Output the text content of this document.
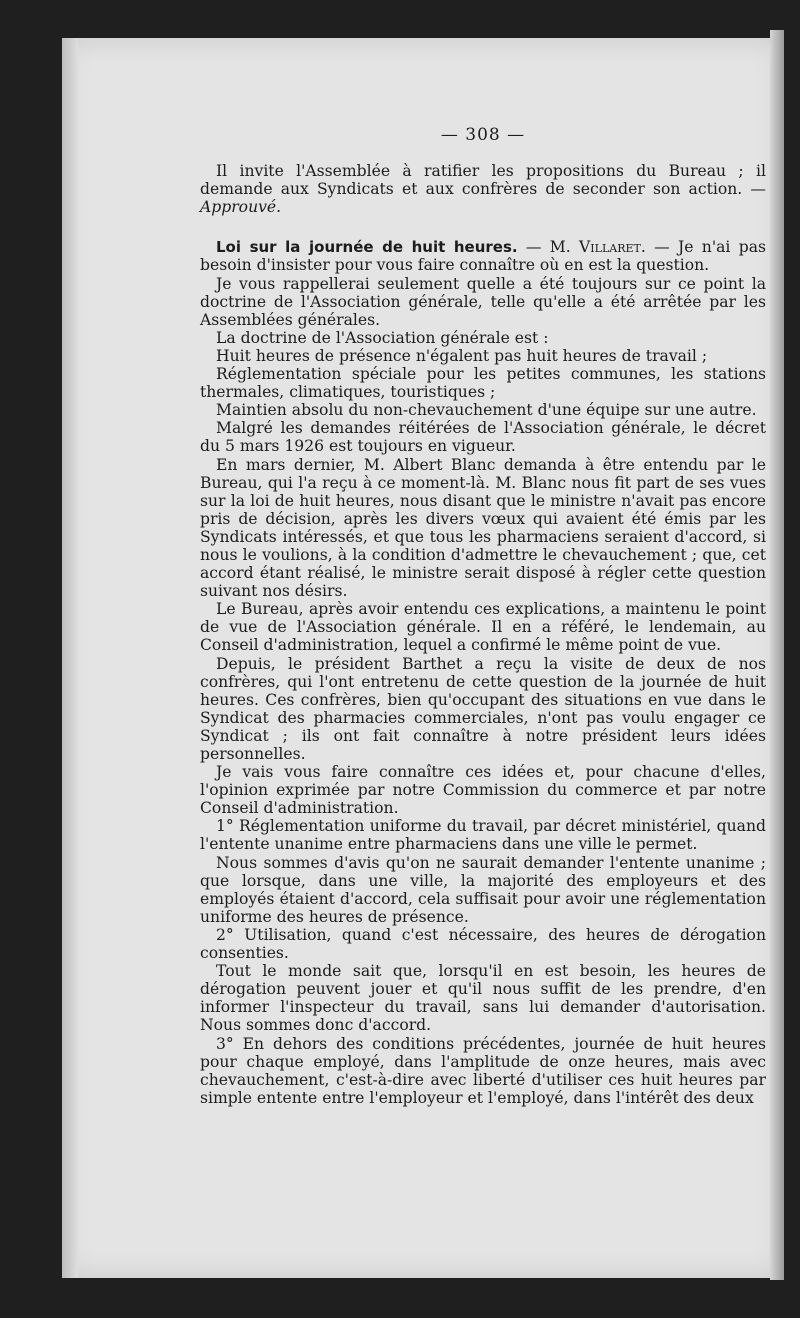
— 308 —

Il invite l'Assemblée à ratifier les propositions du Bureau ; il demande aux Syndicats et aux confrères de seconder son action. — Approuvé.

Loi sur la journée de huit heures. — M. Villaret. — Je n'ai pas besoin d'insister pour vous faire connaître où en est la question.

Je vous rappellerai seulement quelle a été toujours sur ce point la doctrine de l'Association générale, telle qu'elle a été arrêtée par les Assemblées générales.

La doctrine de l'Association générale est :

Huit heures de présence n'égalent pas huit heures de travail ;

Réglementation spéciale pour les petites communes, les stations thermales, climatiques, touristiques ;

Maintien absolu du non-chevauchement d'une équipe sur une autre.

Malgré les demandes réitérées de l'Association générale, le décret du 5 mars 1926 est toujours en vigueur.

En mars dernier, M. Albert Blanc demanda à être entendu par le Bureau, qui l'a reçu à ce moment-là. M. Blanc nous fit part de ses vues sur la loi de huit heures, nous disant que le ministre n'avait pas encore pris de décision, après les divers vœux qui avaient été émis par les Syndicats intéressés, et que tous les pharmaciens seraient d'accord, si nous le voulions, à la condition d'admettre le chevauchement ; que, cet accord étant réalisé, le ministre serait disposé à régler cette question suivant nos désirs.

Le Bureau, après avoir entendu ces explications, a maintenu le point de vue de l'Association générale. Il en a référé, le lendemain, au Conseil d'administration, lequel a confirmé le même point de vue.

Depuis, le président Barthet a reçu la visite de deux de nos confrères, qui l'ont entretenu de cette question de la journée de huit heures. Ces confrères, bien qu'occupant des situations en vue dans le Syndicat des pharmacies commerciales, n'ont pas voulu engager ce Syndicat ; ils ont fait connaître à notre président leurs idées personnelles.

Je vais vous faire connaître ces idées et, pour chacune d'elles, l'opinion exprimée par notre Commission du commerce et par notre Conseil d'administration.

1° Réglementation uniforme du travail, par décret ministériel, quand l'entente unanime entre pharmaciens dans une ville le permet.

Nous sommes d'avis qu'on ne saurait demander l'entente unanime ; que lorsque, dans une ville, la majorité des employeurs et des employés étaient d'accord, cela suffisait pour avoir une réglementation uniforme des heures de présence.

2° Utilisation, quand c'est nécessaire, des heures de dérogation consenties.

Tout le monde sait que, lorsqu'il en est besoin, les heures de dérogation peuvent jouer et qu'il nous suffit de les prendre, d'en informer l'inspecteur du travail, sans lui demander d'autorisation. Nous sommes donc d'accord.

3° En dehors des conditions précédentes, journée de huit heures pour chaque employé, dans l'amplitude de onze heures, mais avec chevauchement, c'est-à-dire avec liberté d'utiliser ces huit heures par simple entente entre l'employeur et l'employé, dans l'intérêt des deux
